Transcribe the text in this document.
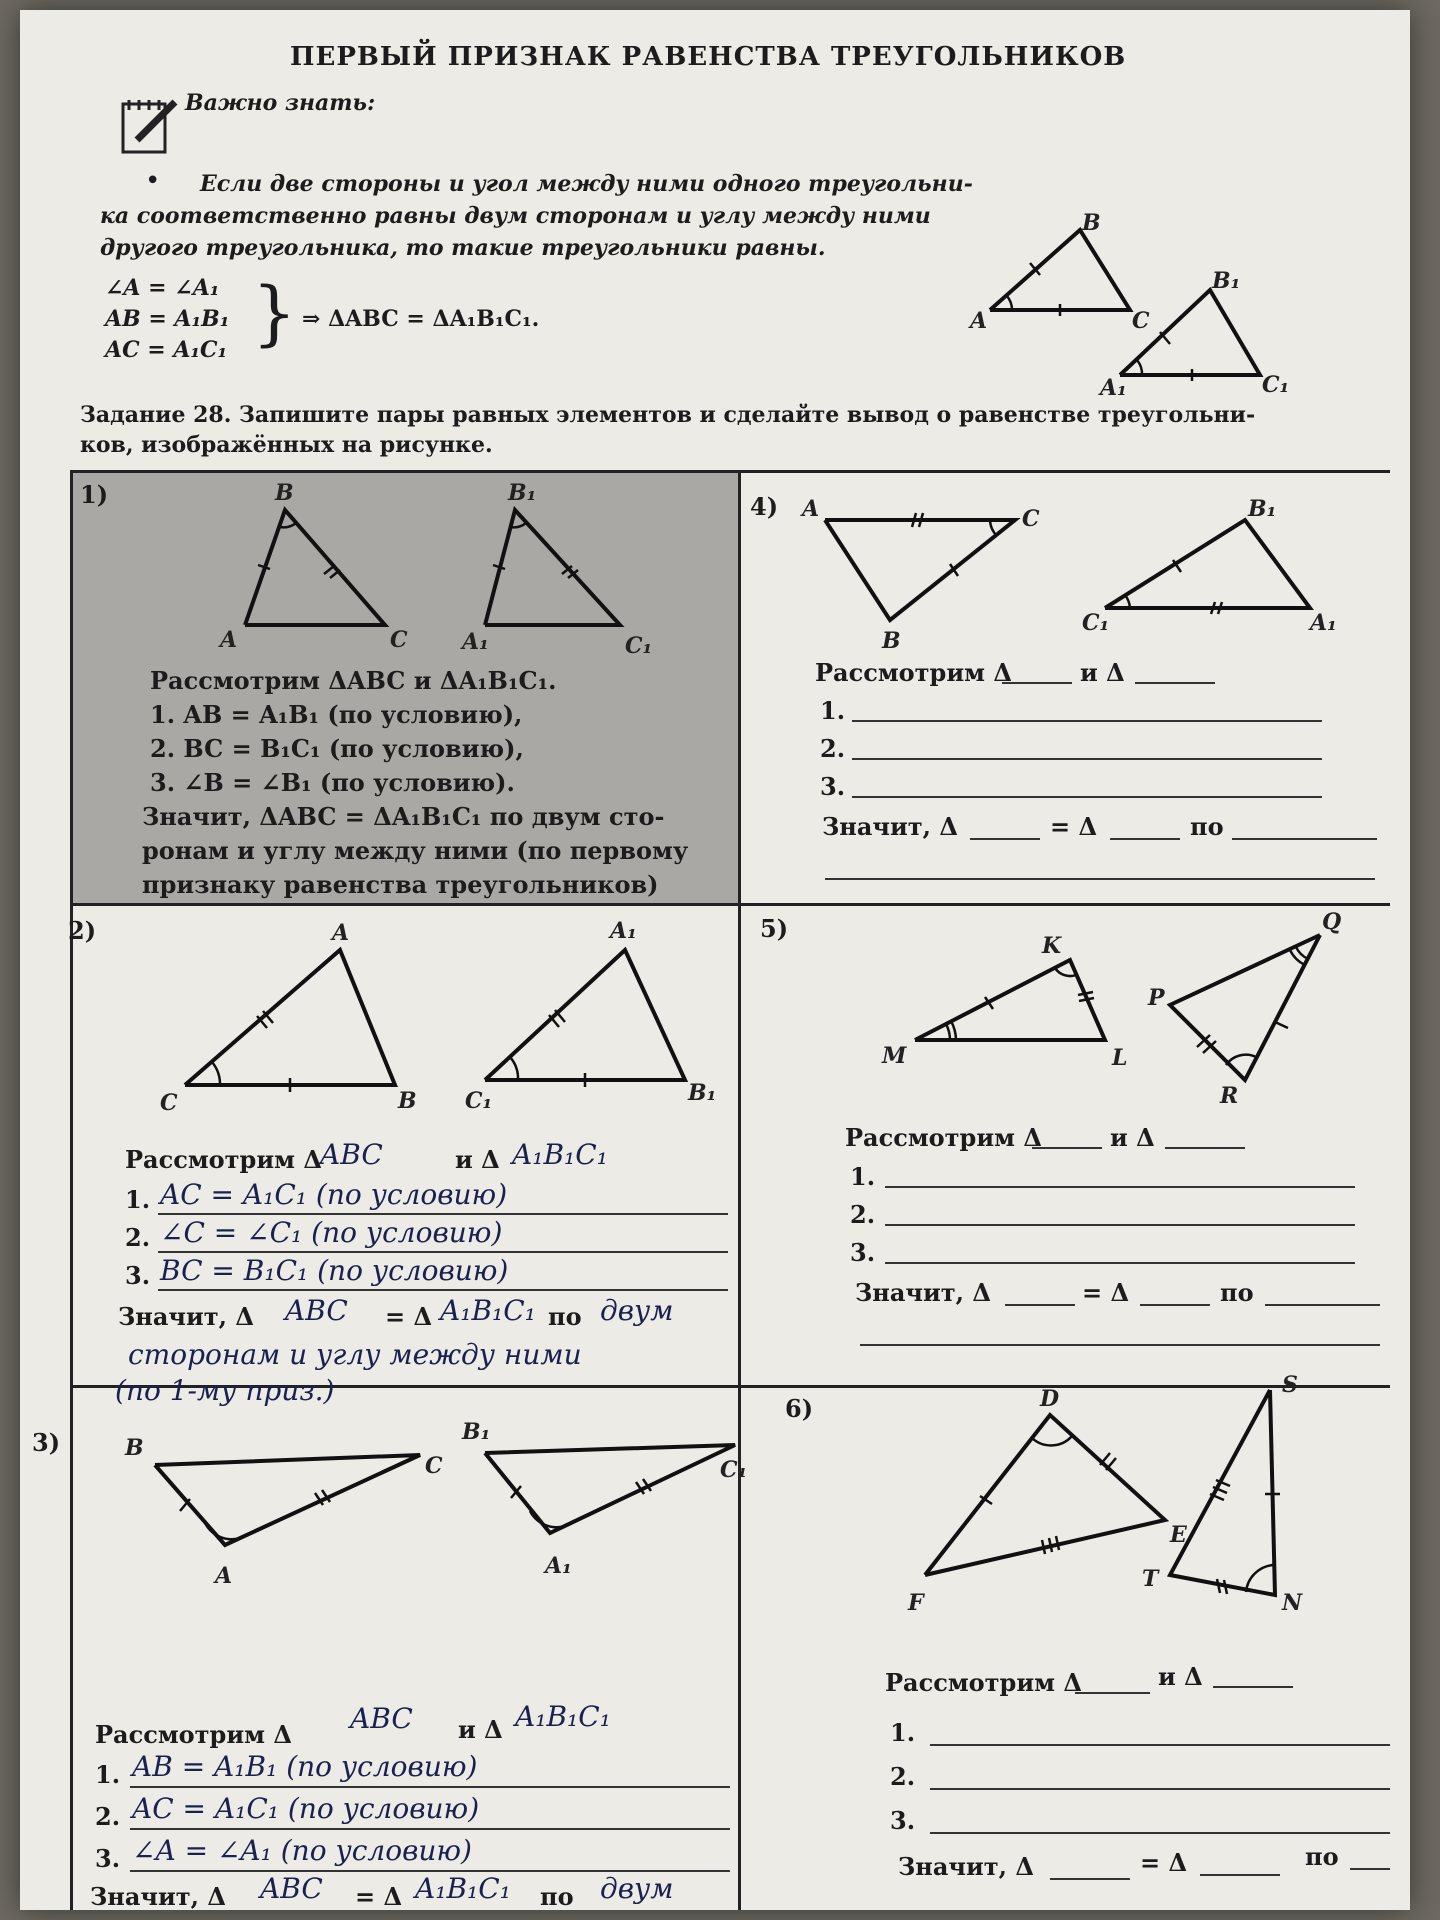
ПЕРВЫЙ ПРИЗНАК РАВЕНСТВА ТРЕУГОЛЬНИКОВ
Важно знать:
•	Если две стороны и угол между ними одного треугольни-
ка соответственно равны двум сторонам и углу между ними
другого треугольника, то такие треугольники равны.
∠A = ∠A₁
AB = A₁B₁
AC = A₁C₁ } ⇒ ΔABC = ΔA₁B₁C₁.	A
B
C
A₁
B₁
C₁
Задание 28. Запишите пары равных элементов и сделайте вывод о равенстве треугольни-
ков, изображённых на рисунке.
1)
A
B
C A₁
B₁
C₁
Рассмотрим ΔABC и ΔA₁B₁C₁.
1. AB = A₁B₁ (по условию),
2. BC = B₁C₁ (по условию),
3. ∠B = ∠B₁ (по условию).
Значит, ΔABC = ΔA₁B₁C₁ по двум сто-
ронам и углу между ними (по первому
признаку равенства треугольников)
4) A	C
B
C₁
B₁
A₁
Рассмотрим Δ	и Δ
1.
2.
3.
Значит, Δ	= Δ	по
2)
C
A
B C₁
A₁
B₁
Рассмотрим Δ
ABC	и Δ A₁B₁C₁
1. AC = A₁C₁ (по условию)
2. ∠C = ∠C₁ (по условию)
3. BC = B₁C₁ (по условию)
Значит, Δ ABC = Δ A₁B₁C₁ по двум
сторонам и углу между ними
(по 1-му приз.)
5)
M
K
L
Q
P
R
Рассмотрим Δ	и Δ
1.
2.
3.
Значит, Δ	= Δ	по
3)	B
C
A
B₁
C₁
A₁
Рассмотрим Δ ABC и Δ A₁B₁C₁
1. AB = A₁B₁ (по условию)
2. AC = A₁C₁ (по условию)
3. ∠A = ∠A₁ (по условию)
Значит, Δ ABC = Δ A₁B₁C₁ по двум
6)	D
E
F
S
T
N
Рассмотрим Δ	и Δ
1.
2.
3.
Значит, Δ	= Δ	по
